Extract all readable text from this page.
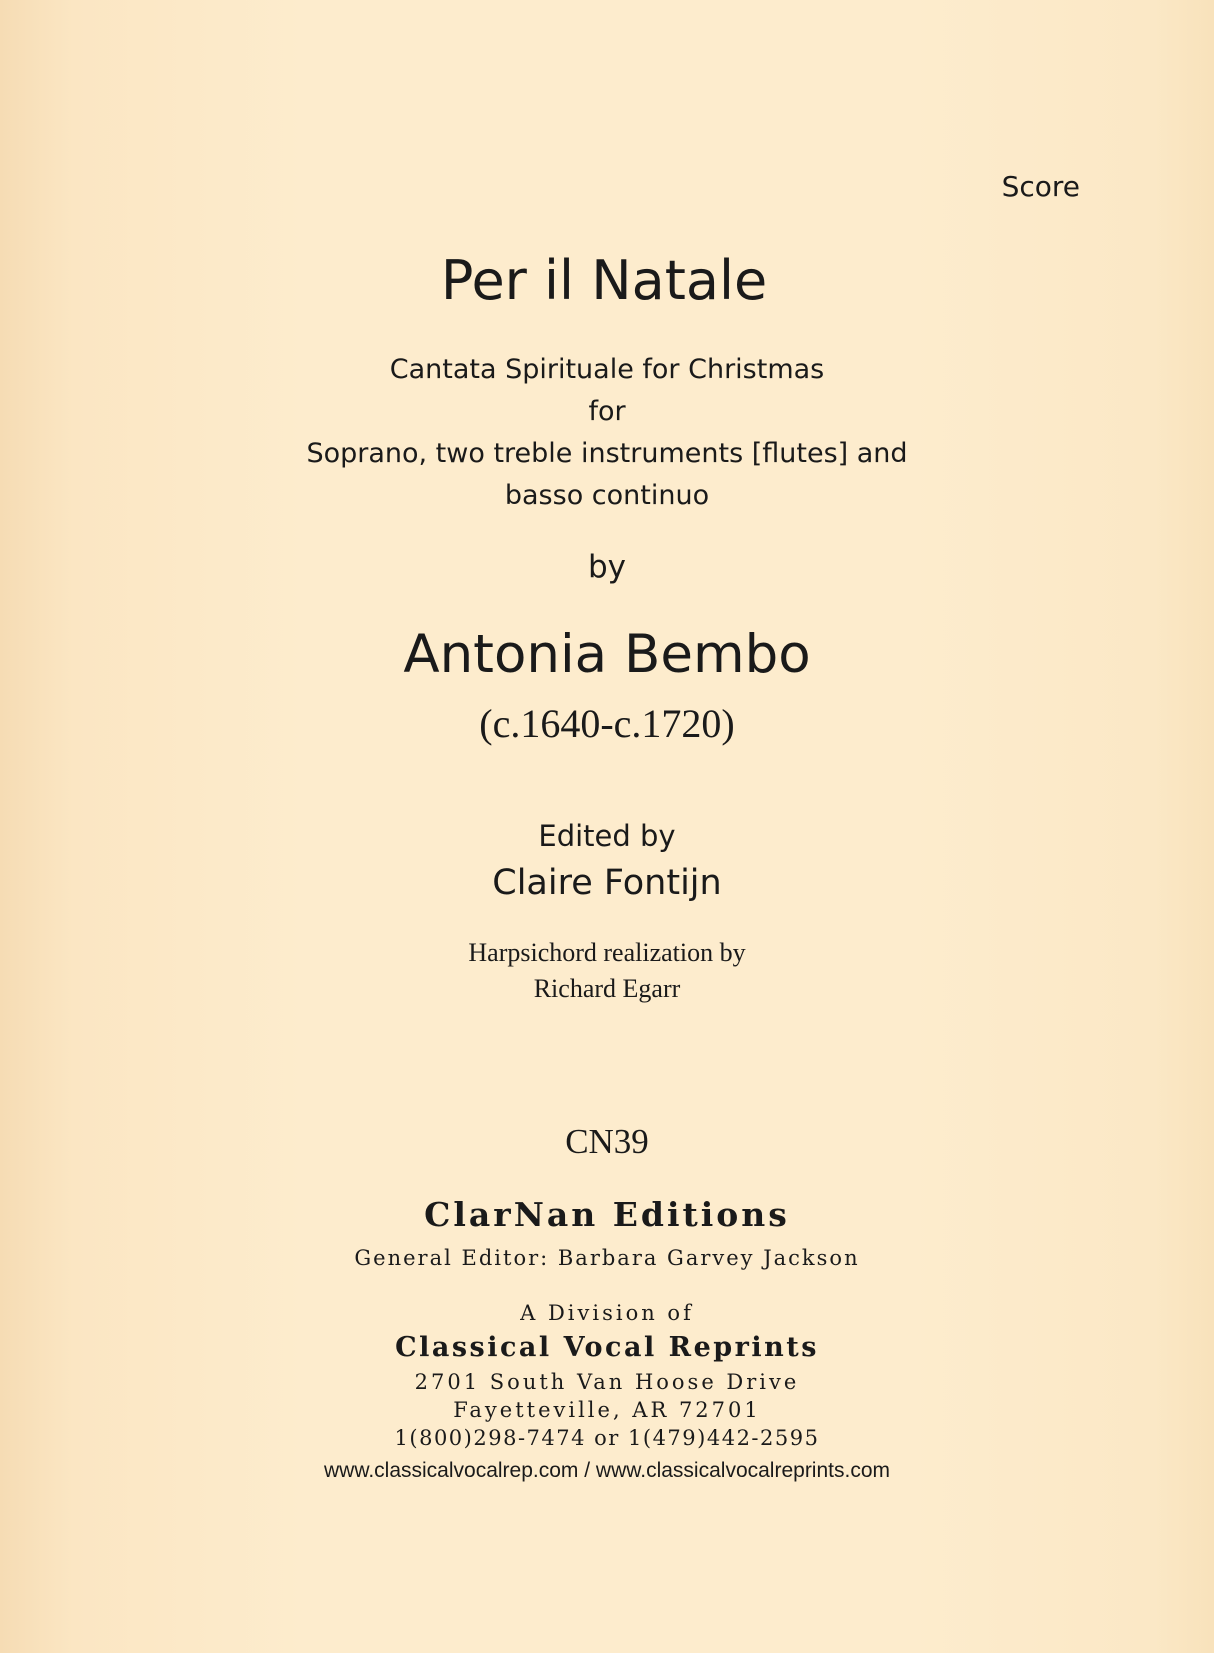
Score
Per il Natale
Cantata Spirituale for Christmas
for
Soprano, two treble instruments [flutes] and
basso continuo
by
Antonia Bembo
(c.1640-c.1720)
Edited by
Claire Fontijn
Harpsichord realization by
Richard Egarr
CN39
ClarNan Editions
General Editor: Barbara Garvey Jackson
A Division of
Classical Vocal Reprints
2701 South Van Hoose Drive
Fayetteville, AR 72701
1(800)298-7474 or 1(479)442-2595
www.classicalvocalrep.com / www.classicalvocalreprints.com
